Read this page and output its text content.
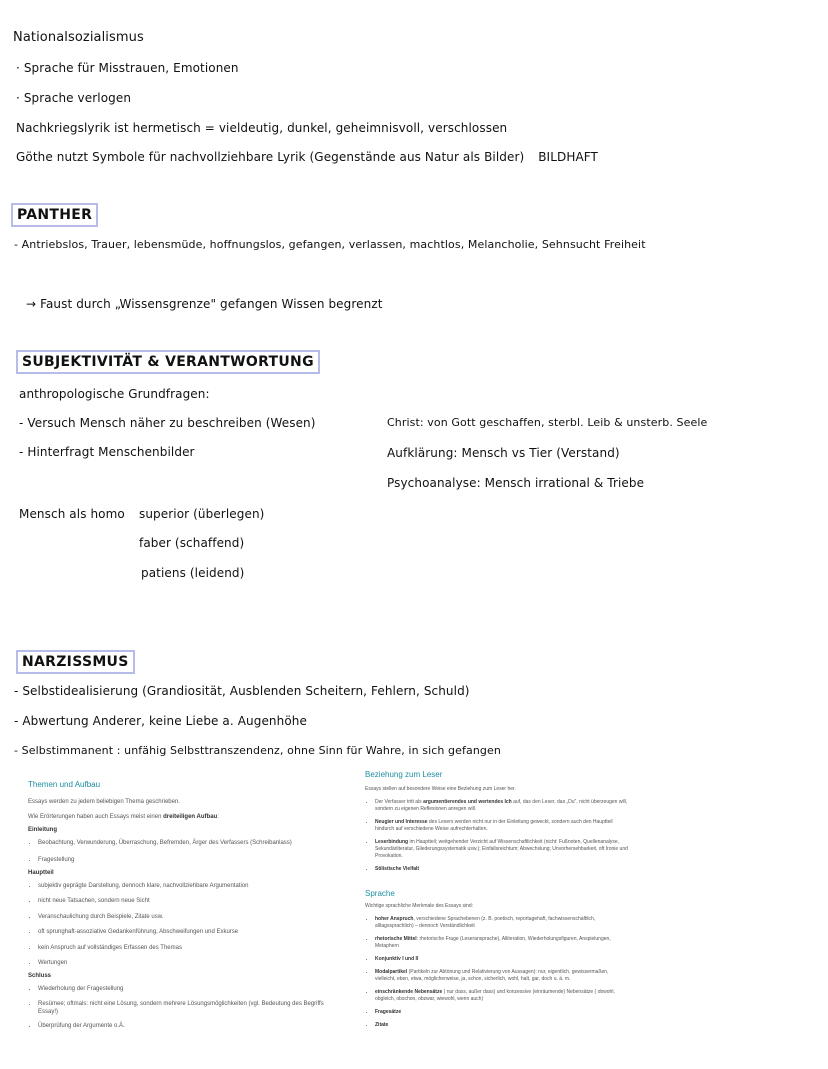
Nationalsozialismus
· Sprache für Misstrauen, Emotionen
· Sprache verlogen
Nachkriegslyrik ist hermetisch = vieldeutig, dunkel, geheimnisvoll, verschlossen
Göthe nutzt Symbole für nachvollziehbare Lyrik (Gegenstände aus Natur als Bilder) BILDHAFT
PANTHER
- Antriebslos, Trauer, lebensmüde, hoffnungslos, gefangen, verlassen, machtlos, Melancholie, Sehnsucht Freiheit
→ Faust durch „Wissensgrenze" gefangen Wissen begrenzt
SUBJEKTIVITÄT & VERANTWORTUNG
anthropologische Grundfragen:
- Versuch Mensch näher zu beschreiben (Wesen)
- Hinterfragt Menschenbilder
Christ: von Gott geschaffen, sterbl. Leib & unsterb. Seele
Aufklärung: Mensch vs Tier (Verstand)
Psychoanalyse: Mensch irrational & Triebe
Mensch als homo superior (überlegen)
faber (schaffend)
patiens (leidend)
NARZISSMUS
- Selbstidealisierung (Grandiosität, Ausblenden Scheitern, Fehlern, Schuld)
- Abwertung Anderer, keine Liebe a. Augenhöhe
- Selbstimmanent : unfähig Selbsttranszendenz, ohne Sinn für Wahre, in sich gefangen
Themen und Aufbau
Essays werden zu jedem beliebigen Thema geschrieben.
Wie Erörterungen haben auch Essays meist einen dreiteiligen Aufbau:
Einleitung
• Beobachtung, Verwunderung, Überraschung, Befremden, Ärger des Verfassers (Schreibanlass)
• Fragestellung
Hauptteil
• subjektiv geprägte Darstellung, dennoch klare, nachvollziehbare Argumentation
• nicht neue Tatsachen, sondern neue Sicht
• Veranschaulichung durch Beispiele, Zitate usw.
• oft sprunghaft-assoziative Gedankenführung, Abschweifungen und Exkurse
• kein Anspruch auf vollständiges Erfassen des Themas
• Wertungen
Schluss
• Wiederholung der Fragestellung
• Resümee; oftmals: nicht eine Lösung, sondern mehrere Lösungsmöglichkeiten (vgl. Bedeutung des Begriffs Essay!)
• Überprüfung der Argumente o.Ä.
Beziehung zum Leser
Essays stellen auf besondere Weise eine Beziehung zum Leser her.
• Der Verfasser tritt als argumentierendes und wertendes Ich auf, das den Leser, das „Du", nicht überzeugen will, sondern zu eigenen Reflexionen anregen will.
• Neugier und Interesse des Lesers werden nicht nur in der Einleitung geweckt, sondern auch den Hauptteil hindurch auf verschiedene Weise aufrechterhalten.
• Leserbindung im Hauptteil; weitgehender Verzicht auf Wissenschaftlichkeit (nicht: Fußnoten, Quellenanalyse, Sekundärliteratur, Gliederungssystematik usw.); Einfallsreichtum; Abwechslung; Unvorhersehbarkeit, oft Ironie und Provokation.
• Stilistische Vielfalt
Sprache
Wichtige sprachliche Merkmale des Essays sind:
• hoher Anspruch, verschiedene Sprachebenen (z. B. poetisch, reportagehaft, fachwissenschaftlich, alltagssprachlich) – dennoch Verständlichkeit
• rhetorische Mittel: rhetorische Frage (Leseransprache), Alliteration, Wiederholungsfiguren, Anspielungen, Metaphern
• Konjunktiv I und II
• Modalpartikel (Partikeln zur Abtönung und Relativierung von Aussagen): nur, eigentlich, gewissermaßen, vielleicht, eben, etwa, möglicherweise, ja, schon, sicherlich, wohl, halt, gar, doch u. ä. m.
• einschränkende Nebensätze ( nur dass, außer dass) und konzessive (einräumende) Nebensätze ( obwohl, obgleich, obschon, obzwar, wiewohl, wenn auch)
• Fragesätze
• Zitate
